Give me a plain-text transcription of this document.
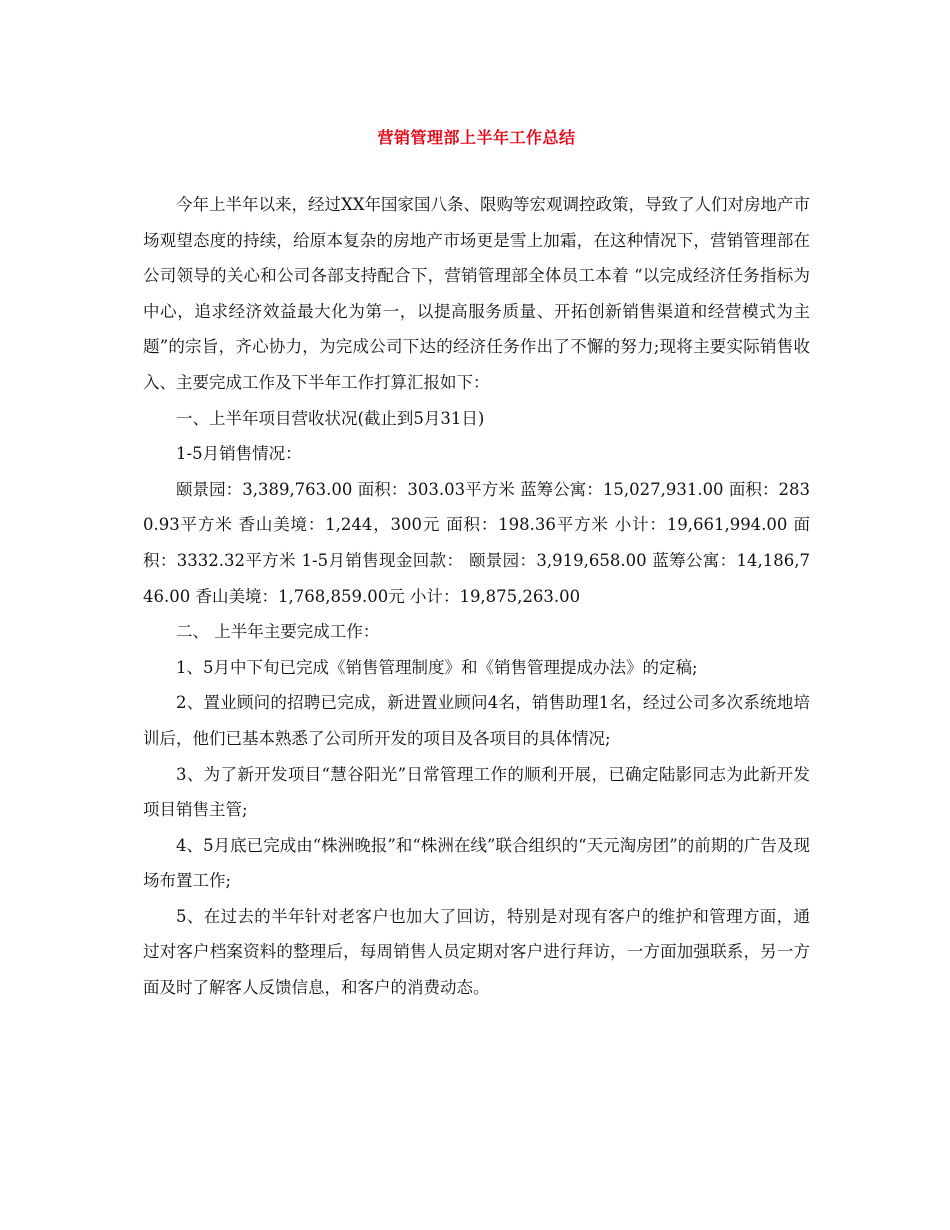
营销管理部上半年工作总结

今年上半年以来，经过XX年国家国八条、限购等宏观调控政策，导致了人们对房地产市场观望态度的持续，给原本复杂的房地产市场更是雪上加霜，在这种情况下，营销管理部在公司领导的关心和公司各部支持配合下，营销管理部全体员工本着 “以完成经济任务指标为中心，追求经济效益最大化为第一，以提高服务质量、开拓创新销售渠道和经营模式为主题”的宗旨，齐心协力，为完成公司下达的经济任务作出了不懈的努力;现将主要实际销售收入、主要完成工作及下半年工作打算汇报如下：

一、上半年项目营收状况(截止到5月31日)

1-5月销售情况：

颐景园：3,389,763.00 面积：303.03平方米 蓝筹公寓：15,027,931.00 面积：2830.93平方米 香山美境：1,244，300元 面积：198.36平方米 小计：19,661,994.00 面积：3332.32平方米 1-5月销售现金回款： 颐景园：3,919,658.00 蓝筹公寓：14,186,746.00 香山美境：1,768,859.00元 小计：19,875,263.00

二、 上半年主要完成工作：

1、5月中下旬已完成《销售管理制度》和《销售管理提成办法》的定稿;

2、置业顾问的招聘已完成，新进置业顾问4名，销售助理1名，经过公司多次系统地培训后，他们已基本熟悉了公司所开发的项目及各项目的具体情况;

3、为了新开发项目“慧谷阳光”日常管理工作的顺利开展，已确定陆影同志为此新开发项目销售主管;

4、5月底已完成由“株洲晚报”和“株洲在线”联合组织的“天元淘房团”的前期的广告及现场布置工作;

5、在过去的半年针对老客户也加大了回访，特别是对现有客户的维护和管理方面，通过对客户档案资料的整理后，每周销售人员定期对客户进行拜访，一方面加强联系，另一方面及时了解客人反馈信息，和客户的消费动态。
